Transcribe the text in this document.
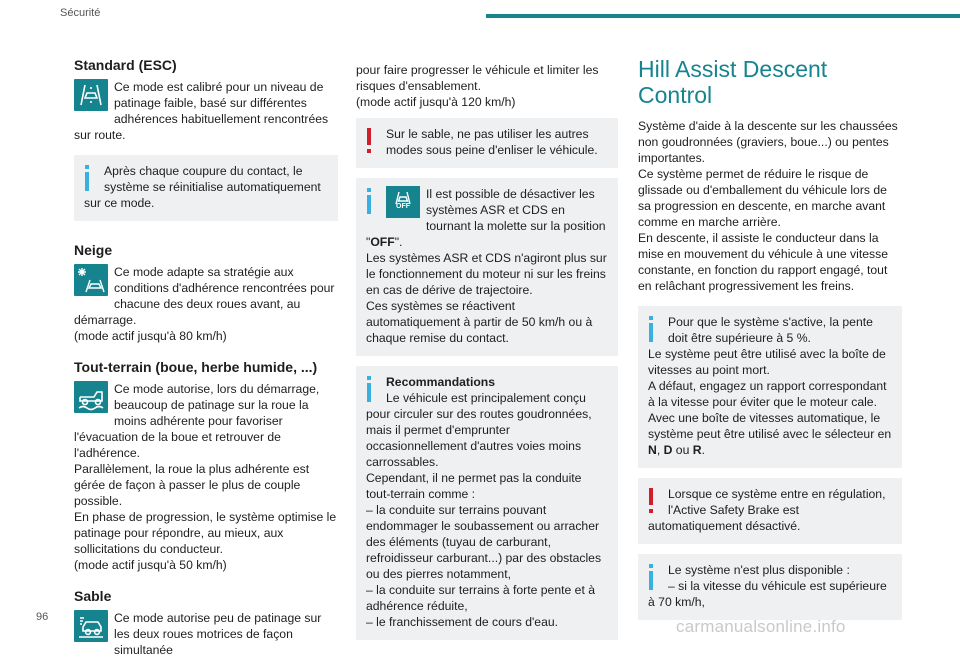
Sécurité
Standard (ESC)

Ce mode est calibré pour un niveau de patinage faible, basé sur différentes adhérences habituellement rencontrées sur route.

Après chaque coupure du contact, le système se réinitialise automatiquement sur ce mode.

Neige

Ce mode adapte sa stratégie aux conditions d'adhérence rencontrées pour chacune des deux roues avant, au démarrage.
(mode actif jusqu'à 80 km/h)

Tout-terrain (boue, herbe humide, ...)

Ce mode autorise, lors du démarrage, beaucoup de patinage sur la roue la moins adhérente pour favoriser l'évacuation de la boue et retrouver de l'adhérence.
Parallèlement, la roue la plus adhérente est gérée de façon à passer le plus de couple possible.
En phase de progression, le système optimise le patinage pour répondre, au mieux, aux sollicitations du conducteur.
(mode actif jusqu'à 50 km/h)

Sable

Ce mode autorise peu de patinage sur les deux roues motrices de façon simultanée

pour faire progresser le véhicule et limiter les risques d'ensablement.
(mode actif jusqu'à 120 km/h)

Sur le sable, ne pas utiliser les autres modes sous peine d'enliser le véhicule.

OFF

Il est possible de désactiver les systèmes ASR et CDS en tournant la molette sur la position "OFF".
Les systèmes ASR et CDS n'agiront plus sur le fonctionnement du moteur ni sur les freins en cas de dérive de trajectoire.
Ces systèmes se réactivent automatiquement à partir de 50 km/h ou à chaque remise du contact.

Recommandations

Le véhicule est principalement conçu pour circuler sur des routes goudronnées, mais il permet d'emprunter occasionnellement d'autres voies moins carrossables.
Cependant, il ne permet pas la conduite tout-terrain comme :

– la conduite sur terrains pouvant endommager le soubassement ou arracher des éléments (tuyau de carburant, refroidisseur carburant...) par des obstacles ou des pierres notamment,

– la conduite sur terrains à forte pente et à adhérence réduite,

– le franchissement de cours d'eau.

Hill Assist Descent Control

Système d'aide à la descente sur les chaussées non goudronnées (graviers, boue...) ou pentes importantes.
Ce système permet de réduire le risque de glissade ou d'emballement du véhicule lors de sa progression en descente, en marche avant comme en marche arrière.
En descente, il assiste le conducteur dans la mise en mouvement du véhicule à une vitesse constante, en fonction du rapport engagé, tout en relâchant progressivement les freins.

Pour que le système s'active, la pente doit être supérieure à 5 %.
Le système peut être utilisé avec la boîte de vitesses au point mort.
A défaut, engagez un rapport correspondant à la vitesse pour éviter que le moteur cale.
Avec une boîte de vitesses automatique, le système peut être utilisé avec le sélecteur en N, D ou R.

Lorsque ce système entre en régulation, l'Active Safety Brake est automatiquement désactivé.

Le système n'est plus disponible :

– si la vitesse du véhicule est supérieure à 70 km/h,

96	carmanualsonline.info
